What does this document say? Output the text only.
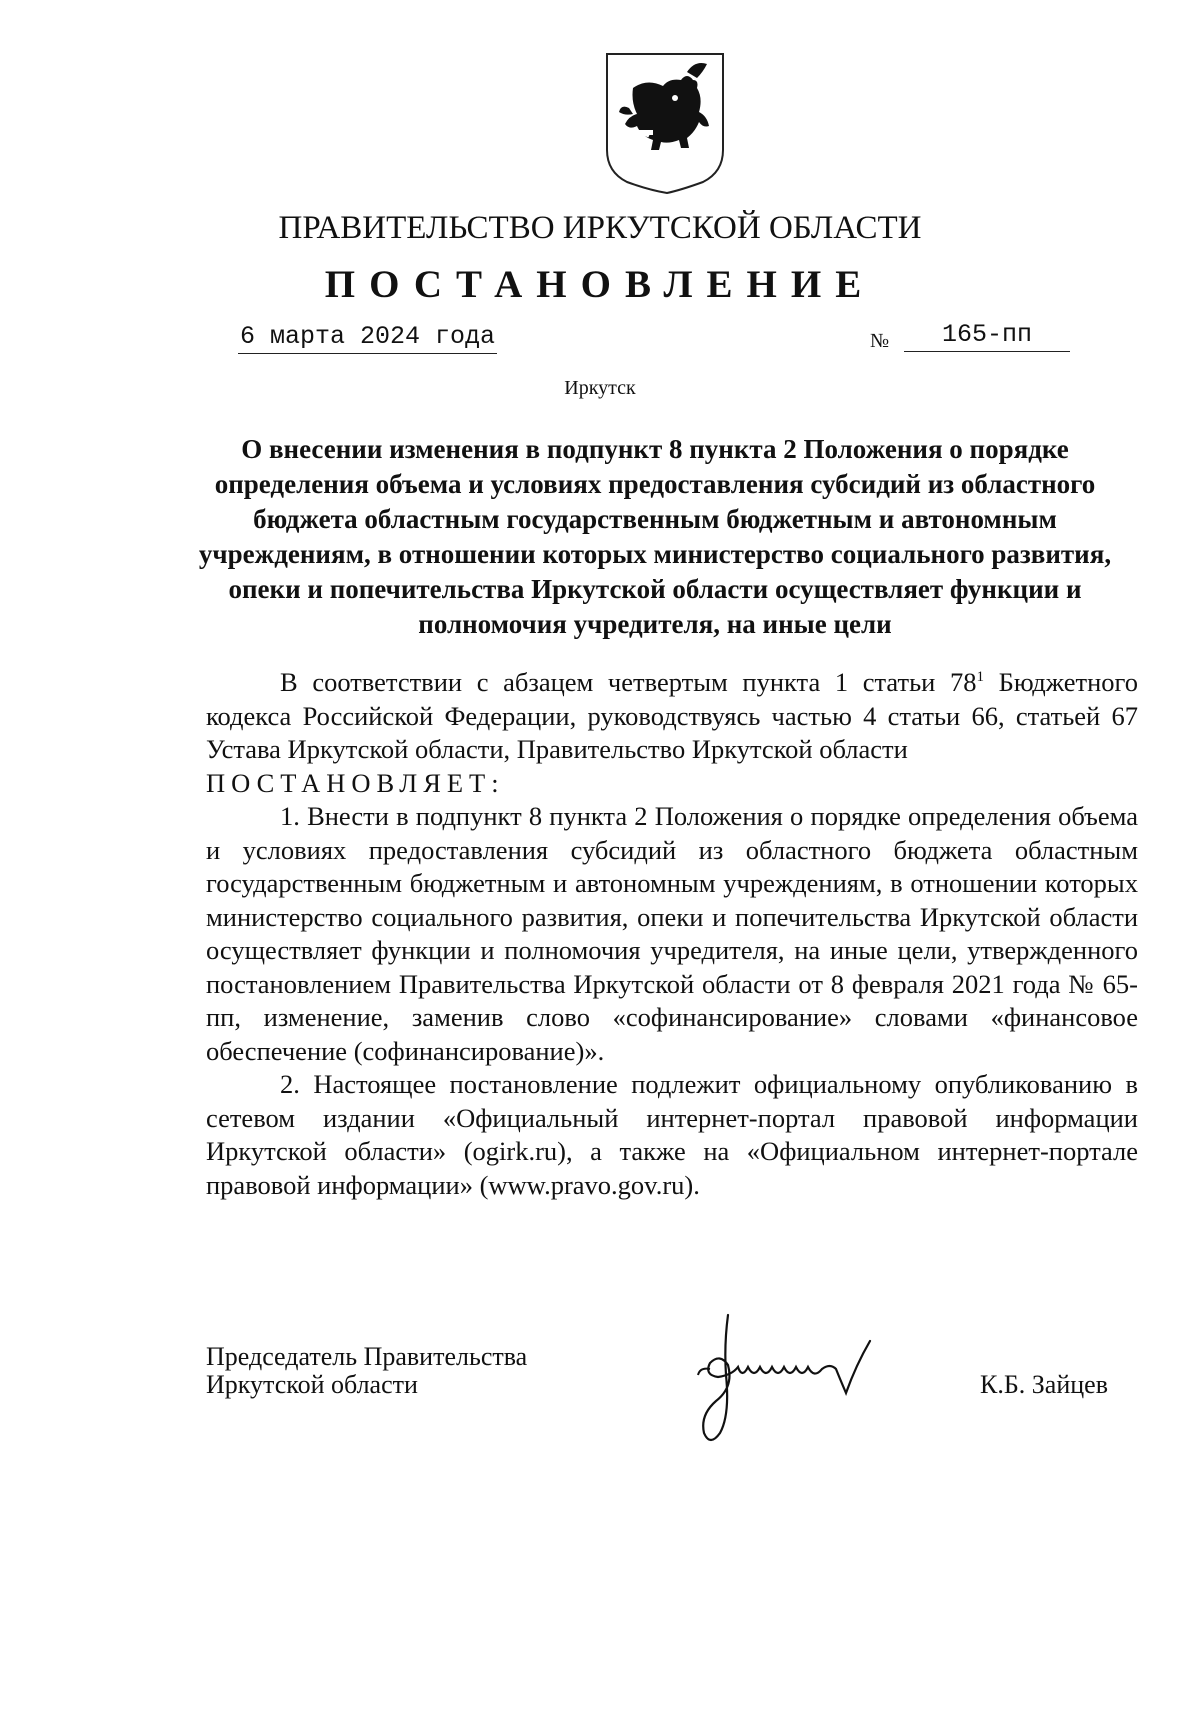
ПРАВИТЕЛЬСТВО ИРКУТСКОЙ ОБЛАСТИ
ПОСТАНОВЛЕНИЕ
6 марта 2024 года	№	165-пп
Иркутск
О внесении изменения в подпункт 8 пункта 2 Положения о порядке определения объема и условиях предоставления субсидий из областного бюджета областным государственным бюджетным и автономным учреждениям, в отношении которых министерство социального развития, опеки и попечительства Иркутской области осуществляет функции и полномочия учредителя, на иные цели

В соответствии с абзацем четвертым пункта 1 статьи $78^1$ Бюджетного кодекса Российской Федерации, руководствуясь частью 4 статьи 66, статьей 67 Устава Иркутской области, Правительство Иркутской области

ПОСТАНОВЛЯЕТ:

1. Внести в подпункт 8 пункта 2 Положения о порядке определения объема и условиях предоставления субсидий из областного бюджета областным государственным бюджетным и автономным учреждениям, в отношении которых министерство социального развития, опеки и попечительства Иркутской области осуществляет функции и полномочия учредителя, на иные цели, утвержденного постановлением Правительства Иркутской области от 8 февраля 2021 года № 65-пп, изменение, заменив слово «софинансирование» словами «финансовое обеспечение (софинансирование)».

2. Настоящее постановление подлежит официальному опубликованию в сетевом издании «Официальный интернет-портал правовой информации Иркутской области» (ogirk.ru), а также на «Официальном интернет-портале правовой информации» (www.pravo.gov.ru).

Председатель Правительства
Иркутской области	К.Б. Зайцев
